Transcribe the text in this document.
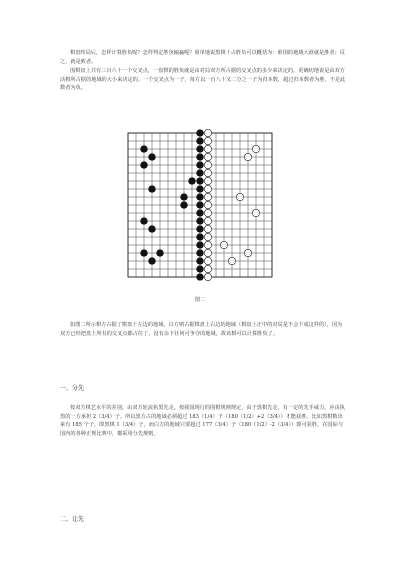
棋盘终局后，怎样计算胜负呢？怎样判定胜负输赢呢？简单地说黑棋十占胜负可以概括为：谁围的地域大谁就是胜者；反之，就是败者。

围棋盘上共有三百六十一个交叉点，一盘棋的胜负就是由对局双方所占据的交叉点的多少来决定的。更确切地说是由双方活棋所占据的地域的大小来决定的。一个交叉点为一子，每方以一百八十又二分之一子为归本数，超过归本数者为胜，不足此数者为负。

图二

如图二所示棋方占据了棋盘十左边的地域，白方则占据棋盘上右边的地域（棋盘上正中的对局是不会下成这样的），因为双方已经把盘上所有的交叉点都占住了，没有余下任何可争夺的地域，故该棋可以计算胜负了。

一、分先

按双方棋艺水平的差别，由双方轮流执黑先走。按我国现行的围棋规则规定，由于黑棋先走，有一定的先手威力，应由执黑的一方承担 2（3/4）子。所以黑方占的地域必须超过 183（1/4）子（180（1/2）+2（3/4））才能获胜。比如黑棋数出来有 185 个子，即黑棋 1（3/4）子，而白方的地域只要超过 177（3/4）子（180（1/2）-2（3/4））即可获胜。在国际与国内的各种正规比赛中，都采用分先规则。

二、让先
